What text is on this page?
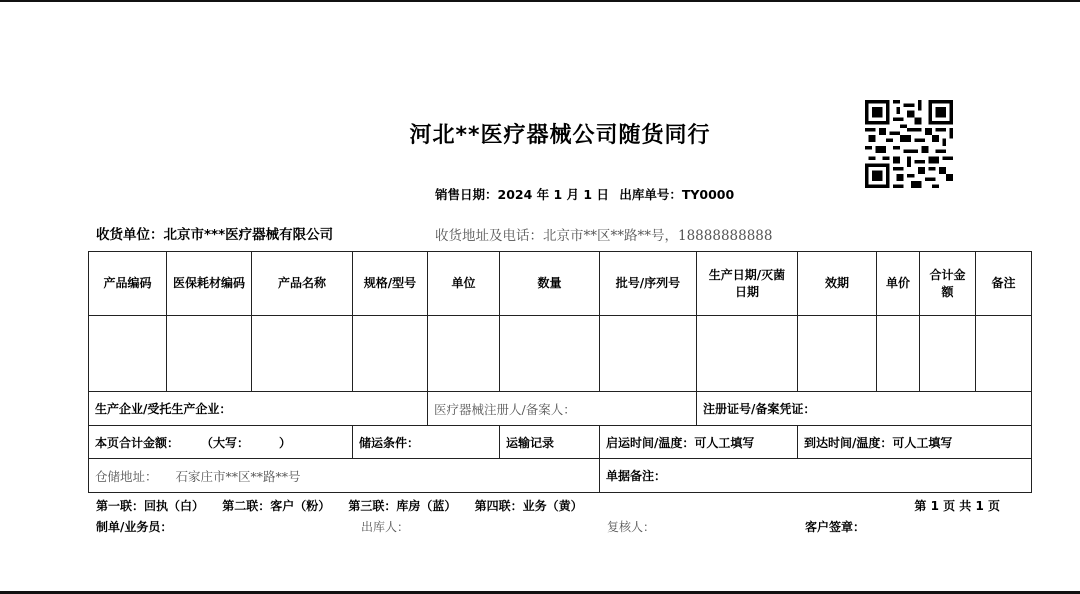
河北**医疗器械公司随货同行
销售日期：2024 年 1 月 1 日 出库单号：TY0000
收货单位：北京市***医疗器械有限公司	收货地址及电话：北京市**区**路**号，18888888888
产品编码	医保耗材编码	产品名称	规格/型号	单位	数量	批号/序列号	生产日期/灭菌日期	效期	单价	合计金额	备注

生产企业/受托生产企业：				医疗器械注册人/备案人：			注册证号/备案凭证：				
本页合计金额： （大写：　　　）			储运条件：		运输记录	启运时间/温度：可人工填写		到达时间/温度：可人工填写			
仓储地址： 石家庄市**区**路**号						单据备注：					
第一联：回执（白） 第二联：客户（粉） 第三联：库房（蓝） 第四联：业务（黄）	第 1 页 共 1 页
制单/业务员：	出库人：	复核人：	客户签章：
